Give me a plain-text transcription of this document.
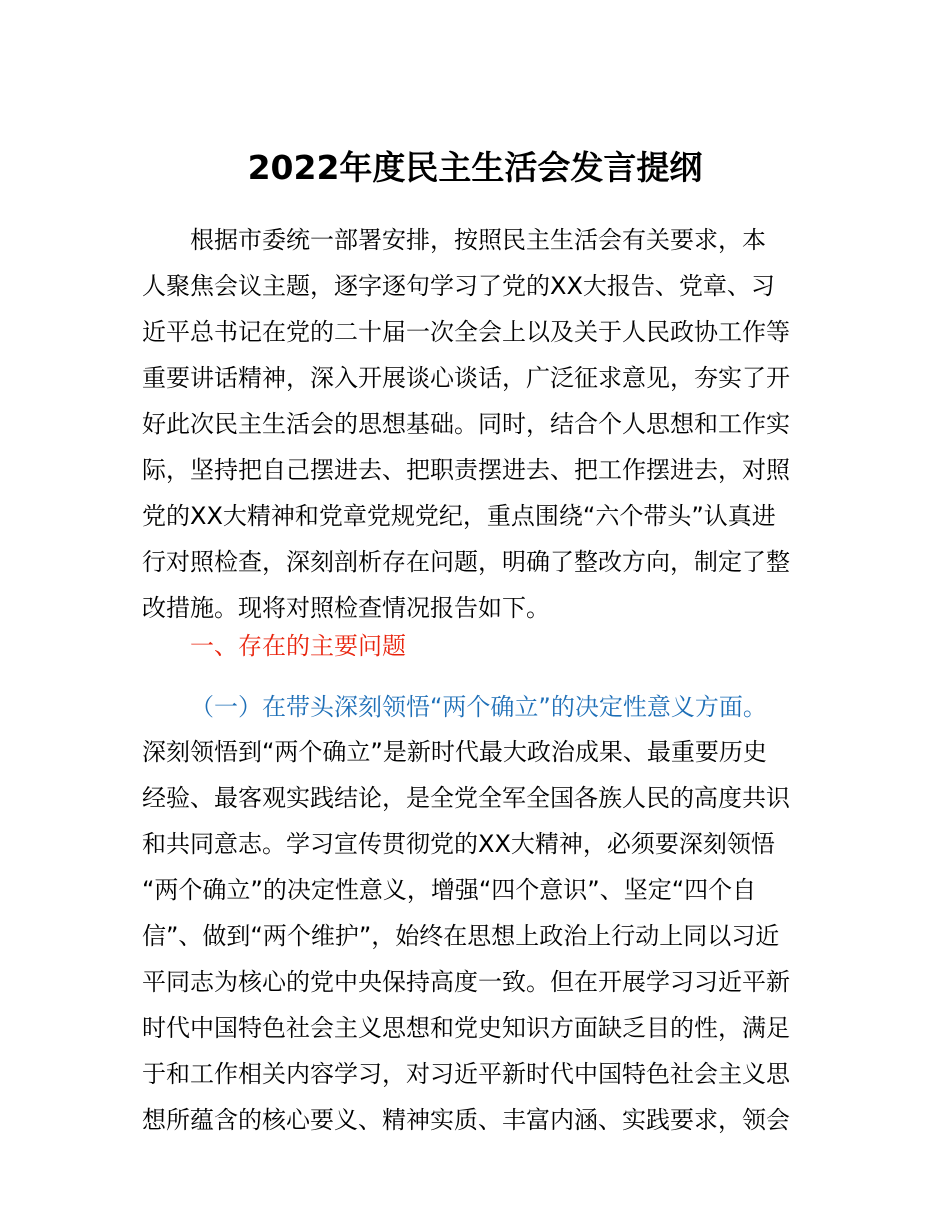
2022年度民主生活会发言提纲
根据市委统一部署安排，按照民主生活会有关要求，本
人聚焦会议主题，逐字逐句学习了党的XX大报告、党章、习
近平总书记在党的二十届一次全会上以及关于人民政协工作等
重要讲话精神，深入开展谈心谈话，广泛征求意见，夯实了开
好此次民主生活会的思想基础。同时，结合个人思想和工作实
际，坚持把自己摆进去、把职责摆进去、把工作摆进去，对照
党的XX大精神和党章党规党纪，重点围绕“六个带头”认真进
行对照检查，深刻剖析存在问题，明确了整改方向，制定了整
改措施。现将对照检查情况报告如下。
一、存在的主要问题
（一）在带头深刻领悟“两个确立”的决定性意义方面。
深刻领悟到“两个确立”是新时代最大政治成果、最重要历史
经验、最客观实践结论，是全党全军全国各族人民的高度共识
和共同意志。学习宣传贯彻党的XX大精神，必须要深刻领悟
“两个确立”的决定性意义，增强“四个意识”、坚定“四个自
信”、做到“两个维护”，始终在思想上政治上行动上同以习近
平同志为核心的党中央保持高度一致。但在开展学习习近平新
时代中国特色社会主义思想和党史知识方面缺乏目的性，满足
于和工作相关内容学习，对习近平新时代中国特色社会主义思
想所蕴含的核心要义、精神实质、丰富内涵、实践要求，领会
